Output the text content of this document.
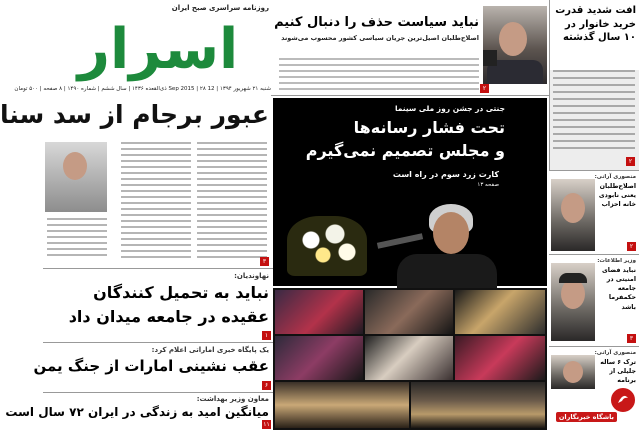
روزنامه سراسری صبح ایران
اسرار
شنبه ۲۱ شهریور ۱۳۹۴ | 12 Sep 2015 | ۲۸ ذی‌القعده ۱۴۳۶ | سال ششم | شماره ۱۴۹۰ | ۸ صفحه | ۵۰۰ تومان
نباید سیاست حذف را دنبال کنیم
اصلاح‌طلبان اصیل‌ترین جریان سیاسی کشور محسوب می‌شوند
۲
افت شدید قدرت خرید خانوار در ۱۰ سال گذشته
۲
عبور برجام از سد سنا
۳
جنتی در جشن روز ملی سینما
تحت فشار رسانه‌ها
و مجلس تصمیم نمی‌گیرم
کارت زرد سوم در راه است
صفحه ۱۳
منصوری آرانی:
اصلاح‌طلبان یعنی نابودی خانه احزاب
۲
وزیر اطلاعات:
نباید فضای امنیتی در جامعه حکمفرما باشد
۳
منصوری آرانی:
ترک ۶ ساله جلیلی از برنامه
نهاوندیان:
نباید به تحمیل کنندگان عقیده در جامعه میدان داد
۱
یک پایگاه خبری اماراتی اعلام کرد:
عقب نشینی امارات از جنگ یمن
۶
معاون وزیر بهداشت:
میانگین امید به زندگی در ایران ۷۲ سال است
۱۱
باشگاه خبرنگاران
